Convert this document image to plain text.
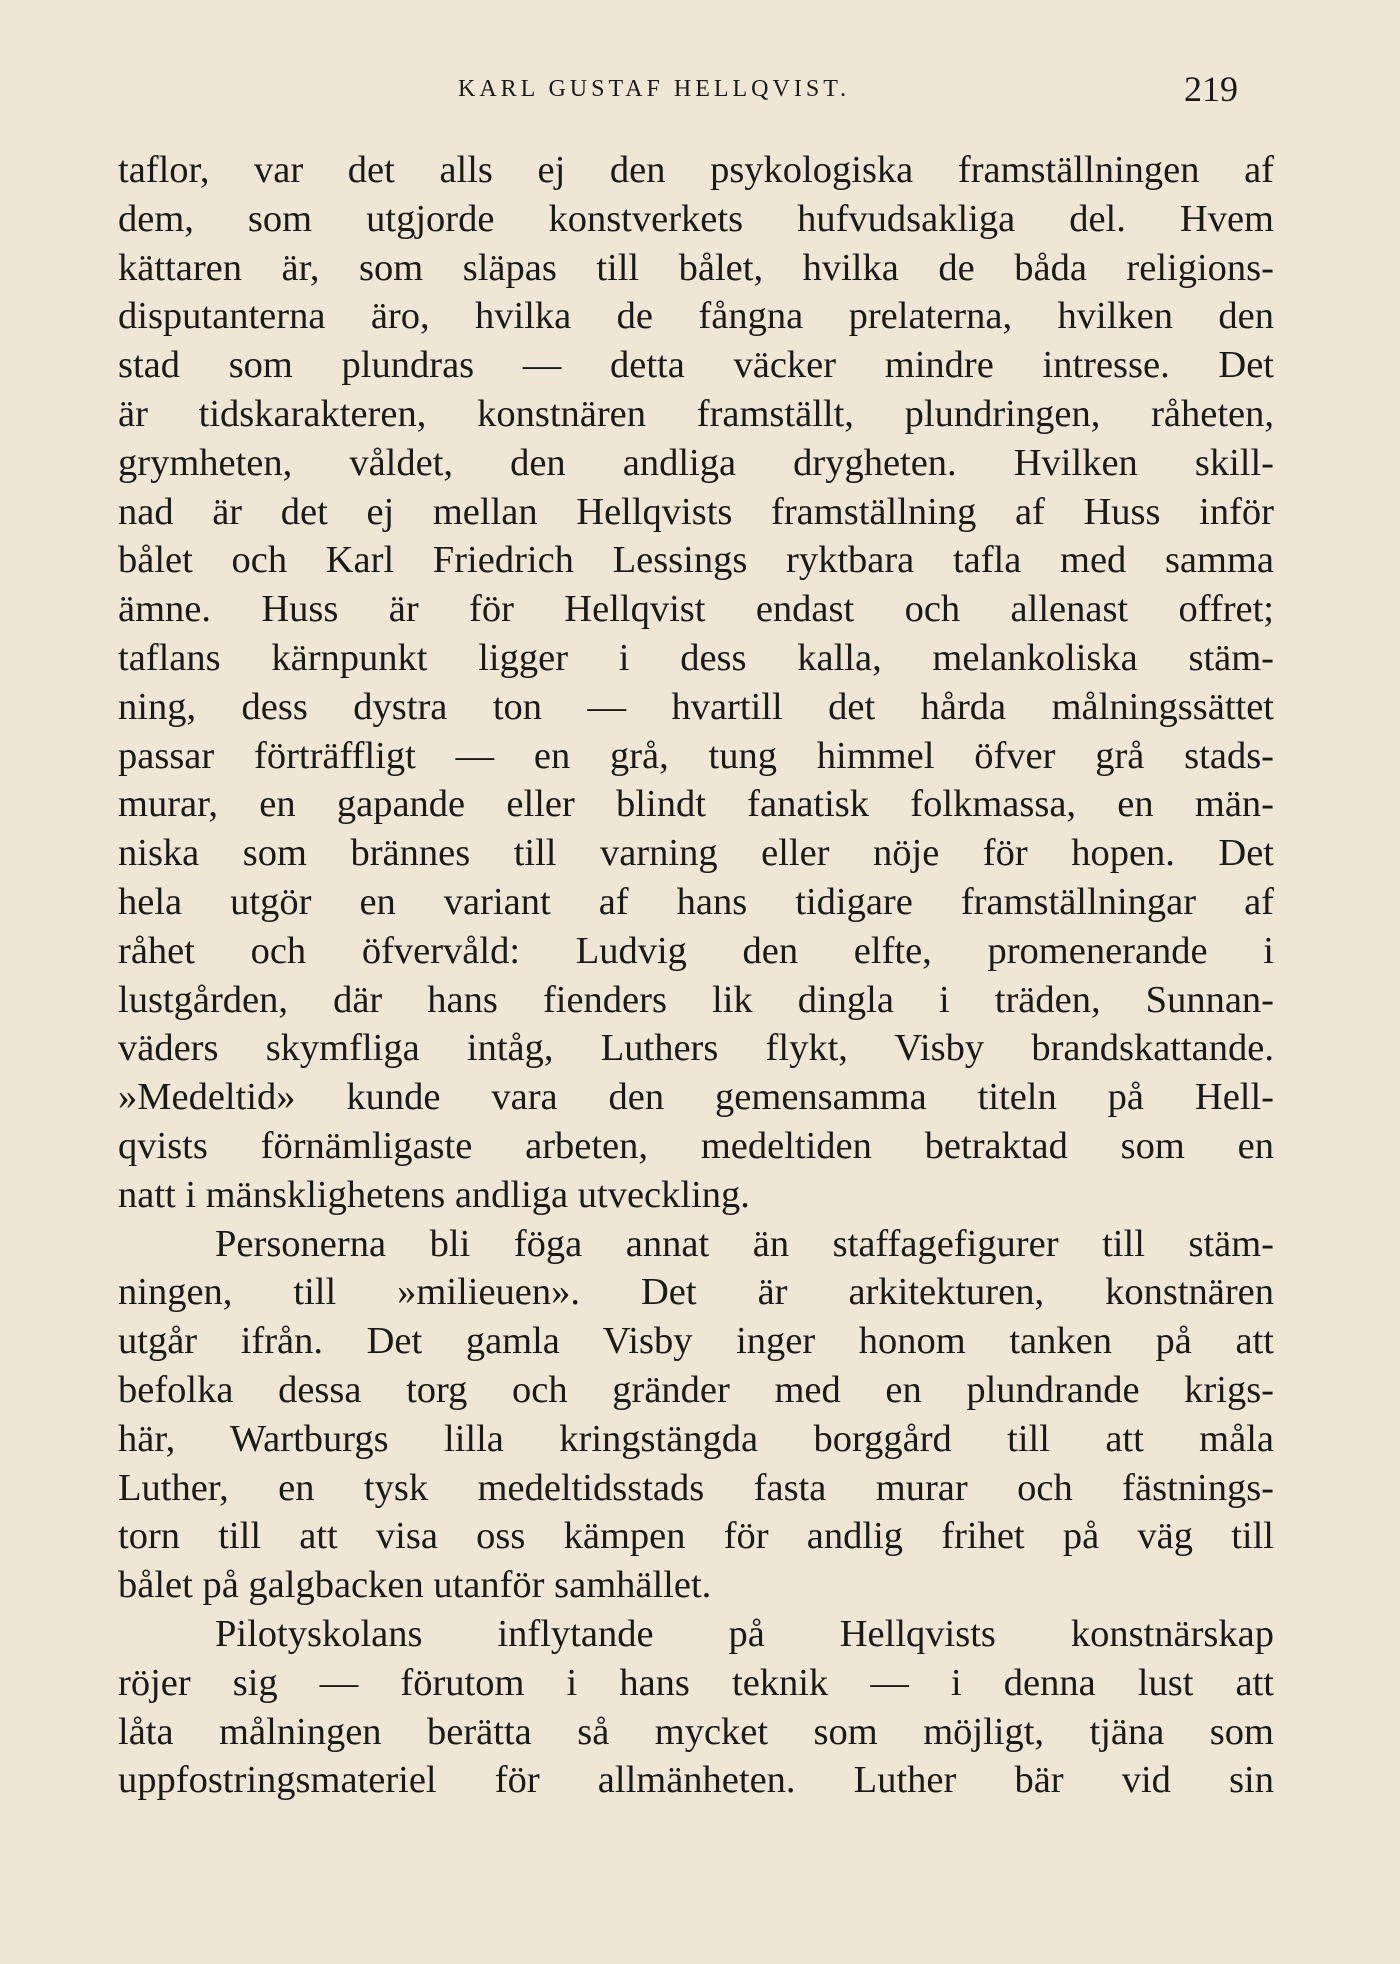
KARL GUSTAF HELLQVIST.	219
taflor, var det alls ej den psykologiska framställningen af
dem, som utgjorde konstverkets hufvudsakliga del. Hvem
kättaren är, som släpas till bålet, hvilka de båda religions-
disputanterna äro, hvilka de fångna prelaterna, hvilken den
stad som plundras — detta väcker mindre intresse. Det
är tidskarakteren, konstnären framställt, plundringen, råheten,
grymheten, våldet, den andliga drygheten. Hvilken skill-
nad är det ej mellan Hellqvists framställning af Huss inför
bålet och Karl Friedrich Lessings ryktbara tafla med samma
ämne. Huss är för Hellqvist endast och allenast offret;
taflans kärnpunkt ligger i dess kalla, melankoliska stäm-
ning, dess dystra ton — hvartill det hårda målningssättet
passar förträffligt — en grå, tung himmel öfver grå stads-
murar, en gapande eller blindt fanatisk folkmassa, en män-
niska som brännes till varning eller nöje för hopen. Det
hela utgör en variant af hans tidigare framställningar af
råhet och öfvervåld: Ludvig den elfte, promenerande i
lustgården, där hans fienders lik dingla i träden, Sunnan-
väders skymfliga intåg, Luthers flykt, Visby brandskattande.
»Medeltid» kunde vara den gemensamma titeln på Hell-
qvists förnämligaste arbeten, medeltiden betraktad som en
natt i mänsklighetens andliga utveckling.
Personerna bli föga annat än staffagefigurer till stäm-
ningen, till »milieuen». Det är arkitekturen, konstnären
utgår ifrån. Det gamla Visby inger honom tanken på att
befolka dessa torg och gränder med en plundrande krigs-
här, Wartburgs lilla kringstängda borggård till att måla
Luther, en tysk medeltidsstads fasta murar och fästnings-
torn till att visa oss kämpen för andlig frihet på väg till
bålet på galgbacken utanför samhället.
Pilotyskolans inflytande på Hellqvists konstnärskap
röjer sig — förutom i hans teknik — i denna lust att
låta målningen berätta så mycket som möjligt, tjäna som
uppfostringsmateriel för allmänheten. Luther bär vid sin
